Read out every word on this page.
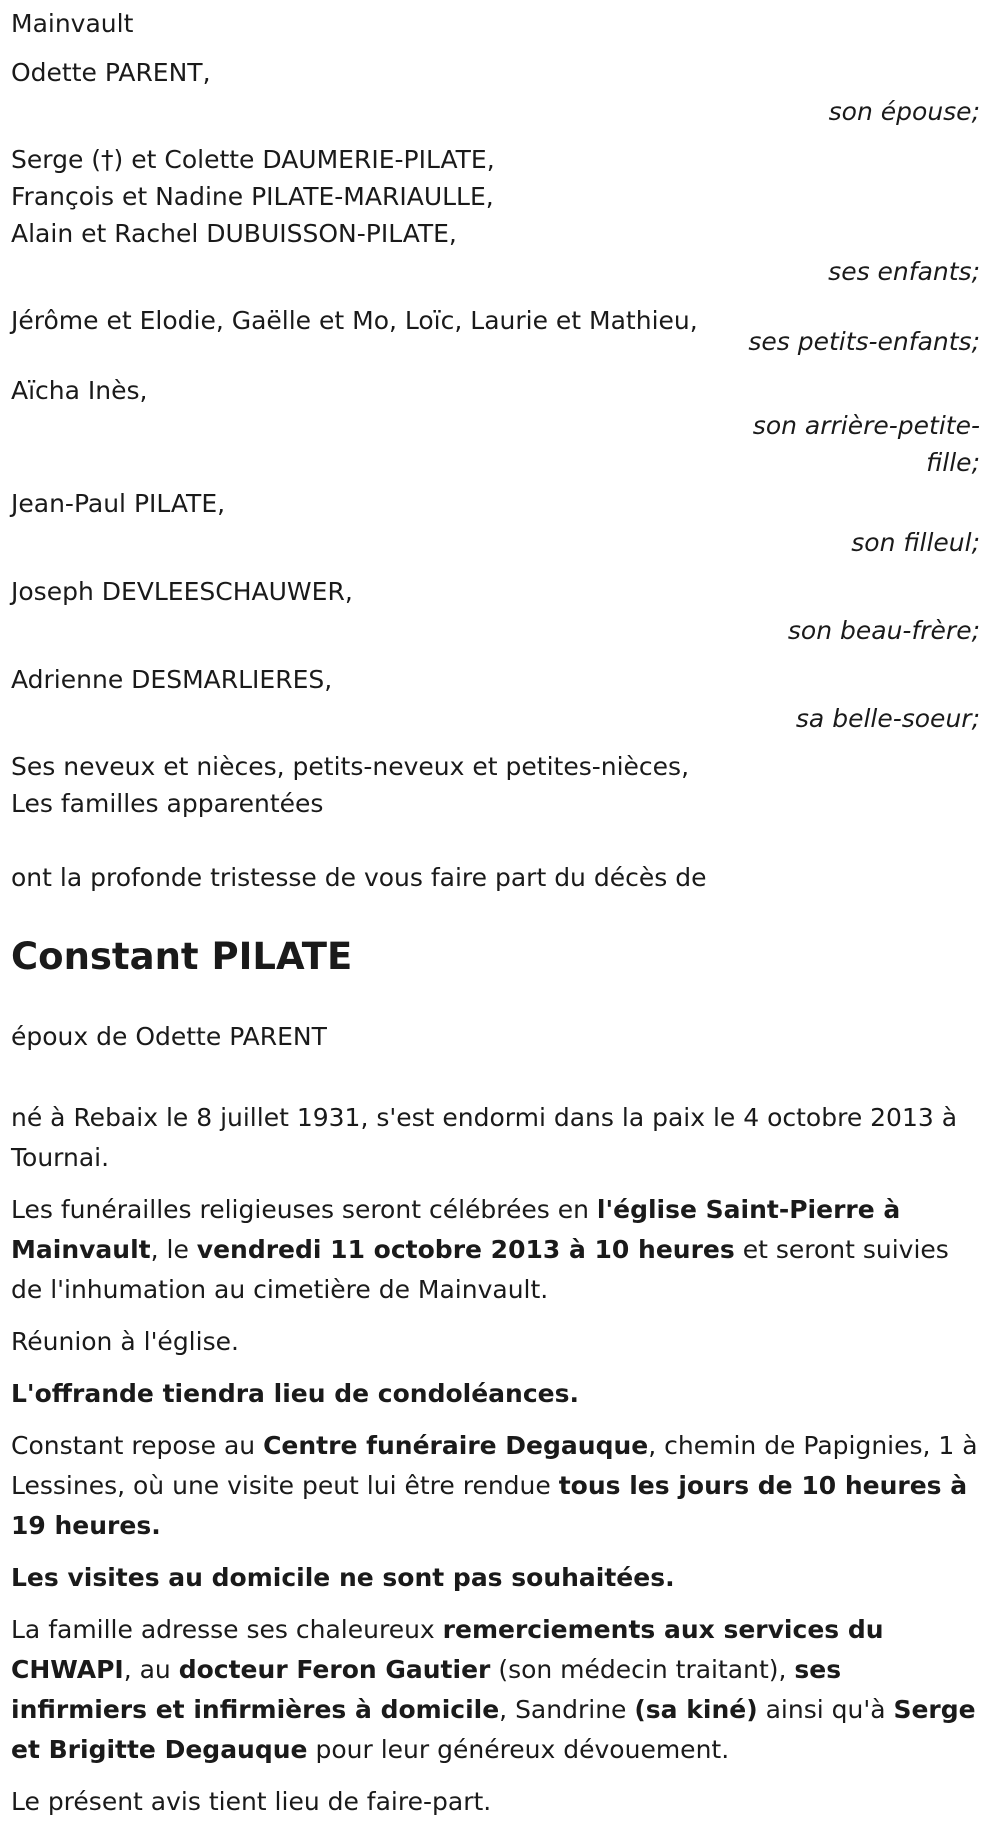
Mainvault

Odette PARENT,

son épouse;

Serge (†) et Colette DAUMERIE-PILATE,

François et Nadine PILATE-MARIAULLE,

Alain et Rachel DUBUISSON-PILATE,

ses enfants;

Jérôme et Elodie, Gaëlle et Mo, Loïc, Laurie et Mathieu,

ses petits-enfants;

Aïcha Inès,

son arrière-petite-

fille;

Jean-Paul PILATE,

son filleul;

Joseph DEVLEESCHAUWER,

son beau-frère;

Adrienne DESMARLIERES,

sa belle-soeur;

Ses neveux et nièces, petits-neveux et petites-nièces,

Les familles apparentées

ont la profonde tristesse de vous faire part du décès de

Constant PILATE

époux de Odette PARENT

né à Rebaix le 8 juillet 1931, s'est endormi dans la paix le 4 octobre 2013 à Tournai.

Les funérailles religieuses seront célébrées en l'église Saint-Pierre à Mainvault, le vendredi 11 octobre 2013 à 10 heures et seront suivies de l'inhumation au cimetière de Mainvault.

Réunion à l'église.

L'offrande tiendra lieu de condoléances.

Constant repose au Centre funéraire Degauque, chemin de Papignies, 1 à Lessines, où une visite peut lui être rendue tous les jours de 10 heures à 19 heures.

Les visites au domicile ne sont pas souhaitées.

La famille adresse ses chaleureux remerciements aux services du CHWAPI, au docteur Feron Gautier (son médecin traitant), ses infirmiers et infirmières à domicile, Sandrine (sa kiné) ainsi qu'à Serge et Brigitte Degauque pour leur généreux dévouement.

Le présent avis tient lieu de faire-part.
